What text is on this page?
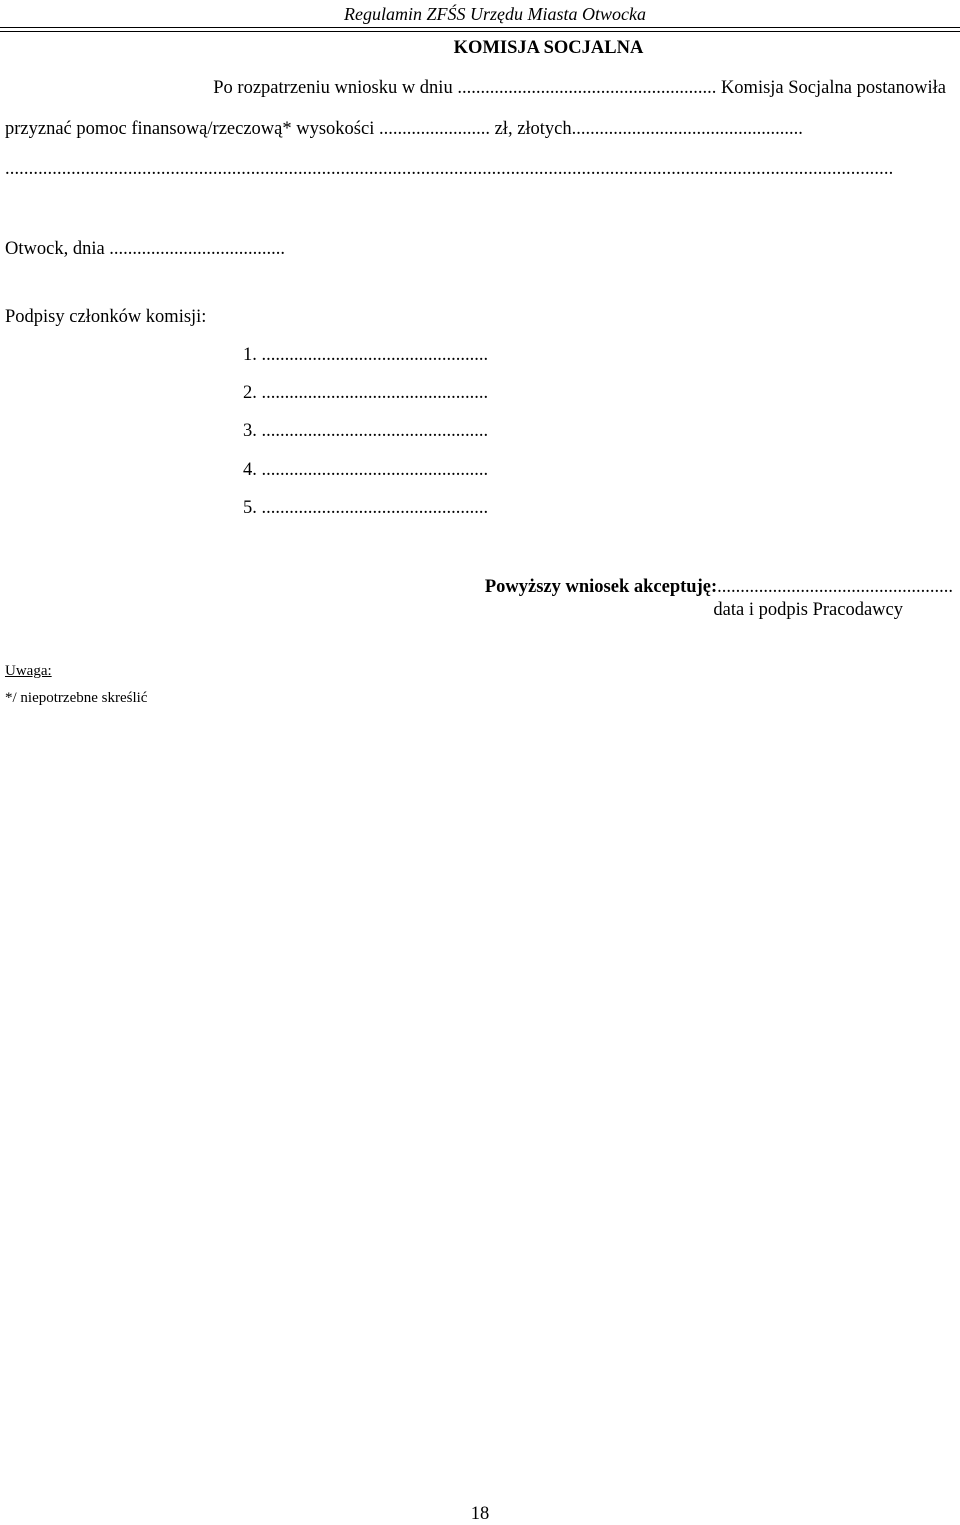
Regulamin ZFŚS Urzędu Miasta Otwocka
KOMISJA SOCJALNA
Po rozpatrzeniu wniosku w dniu ........................................................ Komisja Socjalna postanowiła
przyznać pomoc finansową/rzeczową* wysokości ........................ zł, złotych..................................................
............................................................................................................................................................................................
Otwock, dnia ......................................
Podpisy członków komisji:
1. .................................................
2. .................................................
3. .................................................
4. .................................................
5. .................................................
Powyższy wniosek akceptuję:...................................................
data i podpis Pracodawcy
Uwaga:
*/ niepotrzebne skreślić
18
